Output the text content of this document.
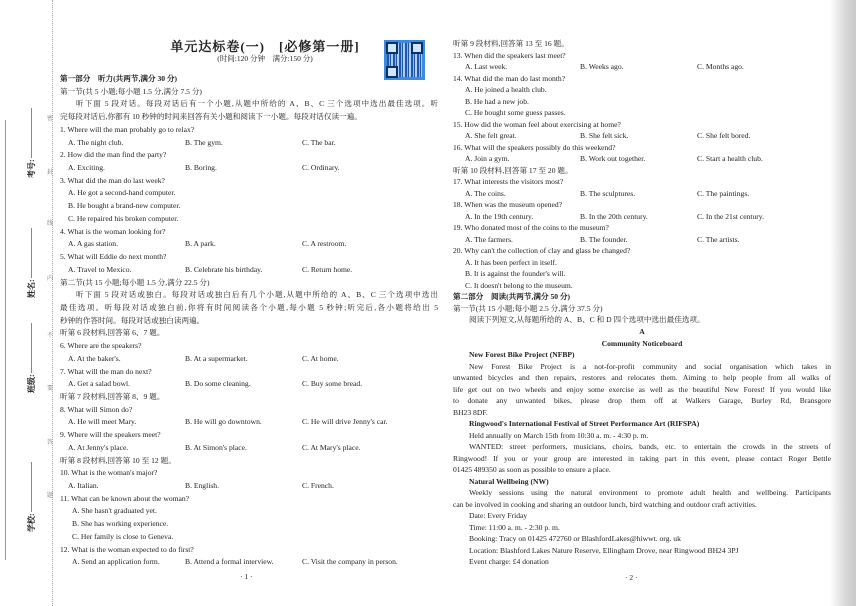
考号:
姓名:
班级:
学校:
密
封
线
内
不
要
答
题
单元达标卷(一)　[必修第一册]
(时间:120 分钟　满分:150 分)
第一部分　听力(共两节,满分 30 分)
第一节(共 5 小题;每小题 1.5 分,满分 7.5 分)
听下面 5 段对话。每段对话后有一个小题,从题中所给的 A、B、C 三个选项中选出最佳选项。听
完每段对话后,你都有 10 秒钟的时间来回答有关小题和阅读下一小题。每段对话仅读一遍。
1. Where will the man probably go to relax?
A. The night club.	B. The gym.	C. The bar.
2. How did the man find the party?
A. Exciting.	B. Boring.	C. Ordinary.
3. What did the man do last week?
A. He got a second-hand computer.
B. He bought a brand-new computer.
C. He repaired his broken computer.
4. What is the woman looking for?
A. A gas station.	B. A park.	C. A restroom.
5. What will Eddie do next month?
A. Travel to Mexico.	B. Celebrate his birthday.	C. Return home.
第二节(共 15 小题;每小题 1.5 分,满分 22.5 分)
听下面 5 段对话或独白。每段对话或独白后有几个小题,从题中所给的 A、B、C 三个选项中选出
最佳选项。听每段对话或独白前,你将有时间阅读各个小题,每小题 5 秒钟;听完后,各小题将给出 5
秒钟的作答时间。每段对话或独白读两遍。
听第 6 段材料,回答第 6、7 题。
6. Where are the speakers?
A. At the baker's.	B. At a supermarket.	C. At home.
7. What will the man do next?
A. Get a salad bowl.	B. Do some cleaning.	C. Buy some bread.
听第 7 段材料,回答第 8、9 题。
8. What will Simon do?
A. He will meet Mary.	B. He will go downtown.	C. He will drive Jenny's car.
9. Where will the speakers meet?
A. At Jenny's place.	B. At Simon's place.	C. At Mary's place.
听第 8 段材料,回答第 10 至 12 题。
10. What is the woman's major?
A. Italian.	B. English.	C. French.
11. What can be known about the woman?
A. She hasn't graduated yet.
B. She has working experience.
C. Her family is close to Geneva.
12. What is the woman expected to do first?
A. Send an application form.	B. Attend a formal interview.	C. Visit the company in person.
· 1 ·
听第 9 段材料,回答第 13 至 16 题。
13. When did the speakers last meet?
A. Last week.	B. Weeks ago.	C. Months ago.
14. What did the man do last month?
A. He joined a health club.
B. He had a new job.
C. He bought some guess passes.
15. How did the woman feel about exercising at home?
A. She felt great.	B. She felt sick.	C. She felt bored.
16. What will the speakers possibly do this weekend?
A. Join a gym.	B. Work out together.	C. Start a health club.
听第 10 段材料,回答第 17 至 20 题。
17. What interests the visitors most?
A. The coins.	B. The sculptures.	C. The paintings.
18. When was the museum opened?
A. In the 19th century.	B. In the 20th century.	C. In the 21st century.
19. Who donated most of the coins to the museum?
A. The farmers.	B. The founder.	C. The artists.
20. Why can't the collection of clay and glass be changed?
A. It has been perfect in itself.
B. It is against the founder's will.
C. It doesn't belong to the museum.
第二部分　阅读(共两节,满分 50 分)
第一节(共 15 小题;每小题 2.5 分,满分 37.5 分)
阅读下列短文,从每题所给的 A、B、C 和 D 四个选项中选出最佳选项。
A
Community Noticeboard
New Forest Bike Project (NFBP)
New Forest Bike Project is a not-for-profit community and social organisation which takes in
unwanted bicycles and then repairs, restores and relocates them. Aiming to help people from all walks of
life get out on two wheels and enjoy some exercise as well as the beautiful New Forest! If you would like
to donate any unwanted bikes, please drop them off at Walkers Garage, Burley Rd, Bransgore
BH23 8DF.
Ringwood's International Festival of Street Performance Art (RIFSPA)
Held annually on March 15th from 10:30 a. m. - 4:30 p. m.
WANTED: street performers, musicians, choirs, bands, etc. to entertain the crowds in the streets of
Ringwood! If you or your group are interested in taking part in this event, please contact Roger Bettle
01425 489350 as soon as possible to ensure a place.
Natural Wellbeing (NW)
Weekly sessions using the natural environment to promote adult health and wellbeing. Participants
can be involved in cooking and sharing an outdoor lunch, bird watching and outdoor craft activities.
Date: Every Friday
Time: 11:00 a. m. - 2:30 p. m.
Booking: Tracy on 01425 472760 or BlashfordLakes@hiwwt. org. uk
Location: Blashford Lakes Nature Reserve, Ellingham Drove, near Ringwood BH24 3PJ
Event charge: £4 donation
· 2 ·
